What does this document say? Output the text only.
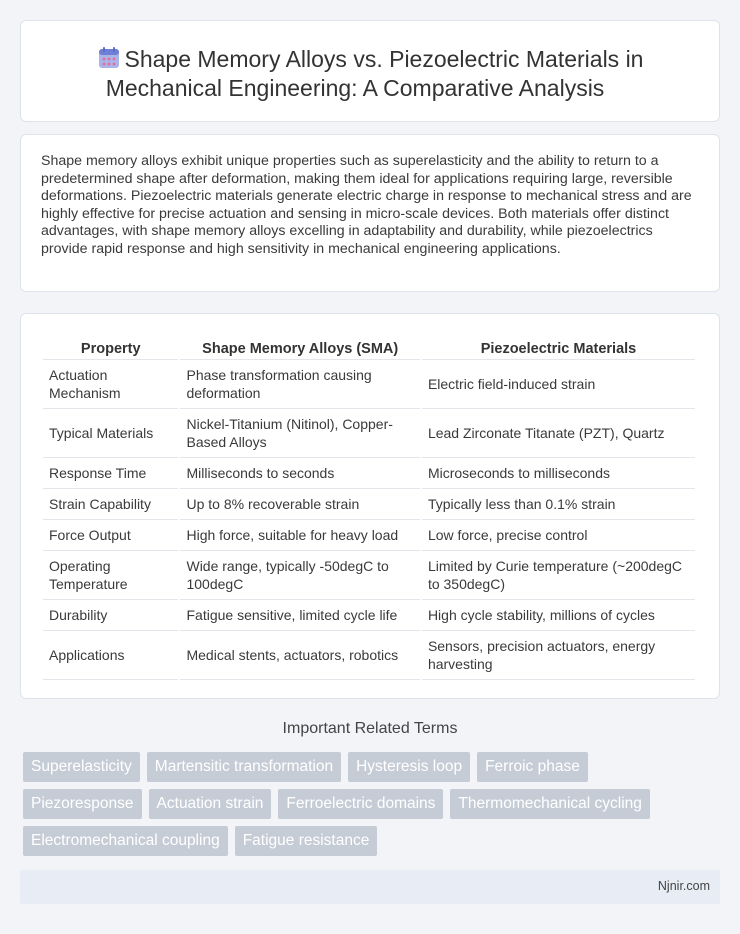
Shape Memory Alloys vs. Piezoelectric Materials in Mechanical Engineering: A Comparative Analysis

Shape memory alloys exhibit unique properties such as superelasticity and the ability to return to a predetermined shape after deformation, making them ideal for applications requiring large, reversible deformations. Piezoelectric materials generate electric charge in response to mechanical stress and are highly effective for precise actuation and sensing in micro-scale devices. Both materials offer distinct advantages, with shape memory alloys excelling in adaptability and durability, while piezoelectrics provide rapid response and high sensitivity in mechanical engineering applications.

Property	Shape Memory Alloys (SMA)	Piezoelectric Materials
Actuation Mechanism	Phase transformation causing deformation	Electric field-induced strain
Typical Materials	Nickel-Titanium (Nitinol), Copper-Based Alloys	Lead Zirconate Titanate (PZT), Quartz
Response Time	Milliseconds to seconds	Microseconds to milliseconds
Strain Capability	Up to 8% recoverable strain	Typically less than 0.1% strain
Force Output	High force, suitable for heavy load	Low force, precise control
Operating Temperature	Wide range, typically -50degC to 100degC	Limited by Curie temperature (~200degC to 350degC)
Durability	Fatigue sensitive, limited cycle life	High cycle stability, millions of cycles
Applications	Medical stents, actuators, robotics	Sensors, precision actuators, energy harvesting
Important Related Terms
Superelasticity	Martensitic transformation	Hysteresis loop	Ferroic phase
Piezoresponse	Actuation strain	Ferroelectric domains	Thermomechanical cycling
Electromechanical coupling	Fatigue resistance
Njnir.com
